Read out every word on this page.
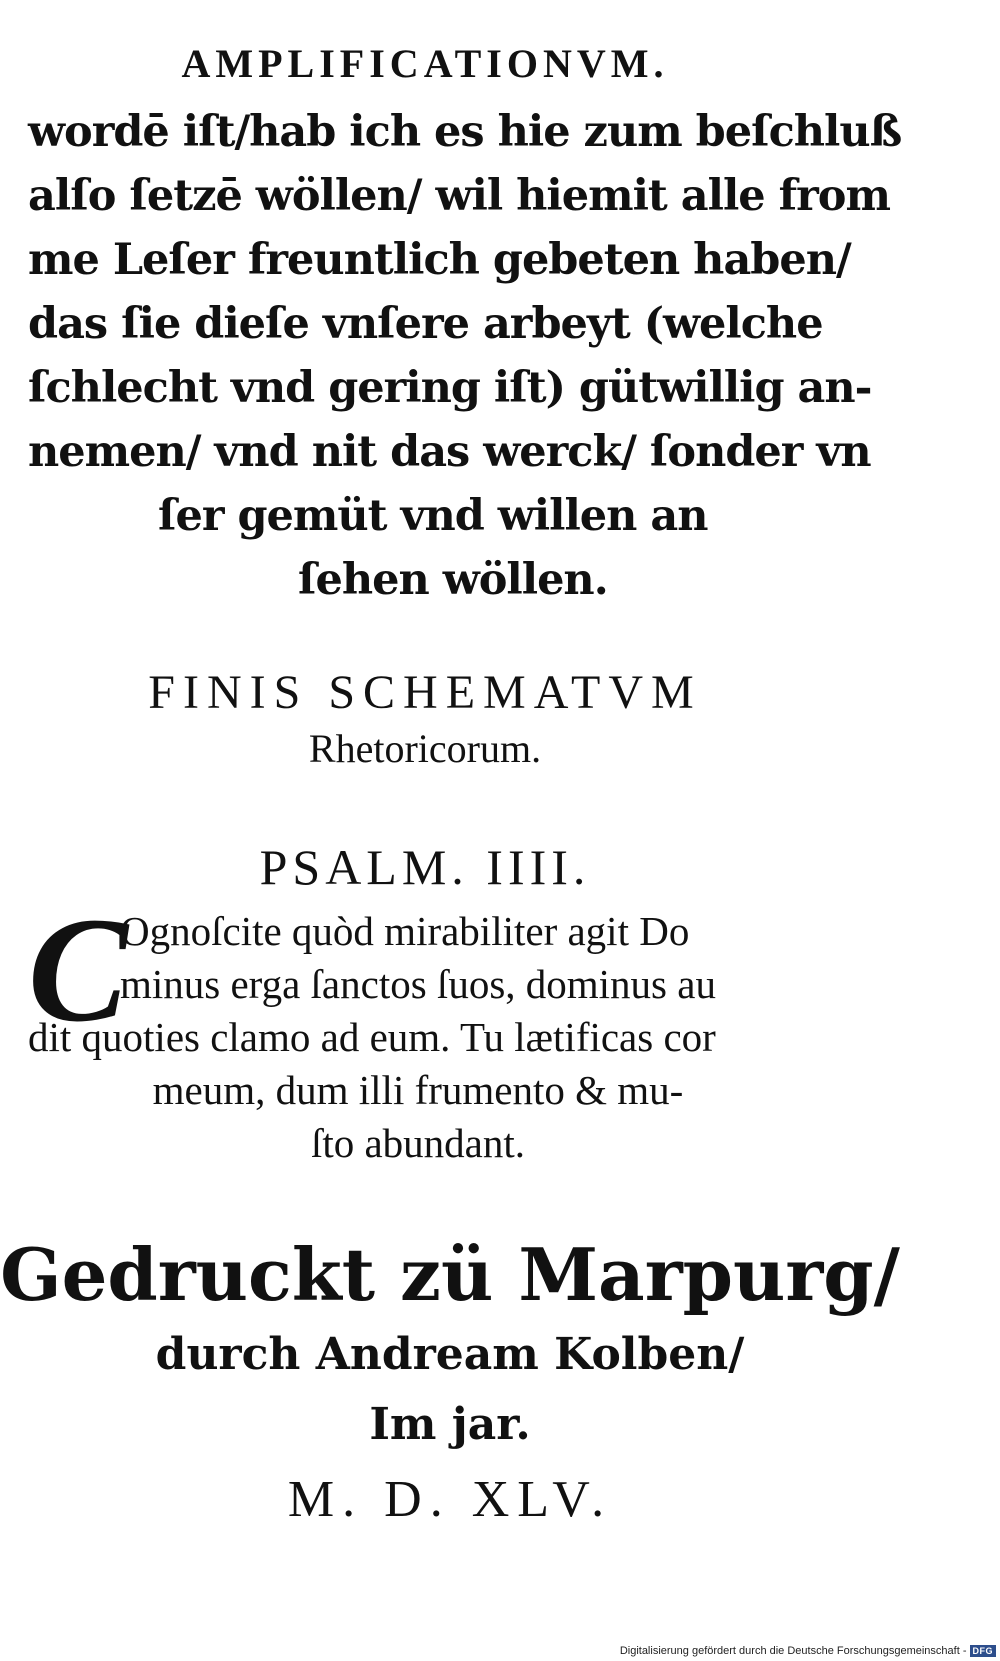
AMPLIFICATIONVM.
wordē iſt/hab ich es hie zum beſchluß
alſo ſetzē wöllen/ wil hiemit alle from
me Leſer freuntlich gebeten haben/
das ſie dieſe vnſere arbeyt (welche
ſchlecht vnd gering iſt) gütwillig an-
nemen/ vnd nit das werck/ ſonder vn
ſer gemüt vnd willen an
ſehen wöllen.
FINIS SCHEMATVM
Rhetoricorum.
PSALM. IIII.
C
Ognoſcite quòd mirabiliter agit Do
minus erga ſanctos ſuos, dominus au
dit quoties clamo ad eum. Tu lætificas cor
meum, dum illi frumento & mu-
ſto abundant.
Gedruckt zü Marpurg/
durch Andream Kolben/
Im jar.
M. D. XLV.
Digitalisierung gefördert durch die Deutsche Forschungsgemeinschaft - DFG
